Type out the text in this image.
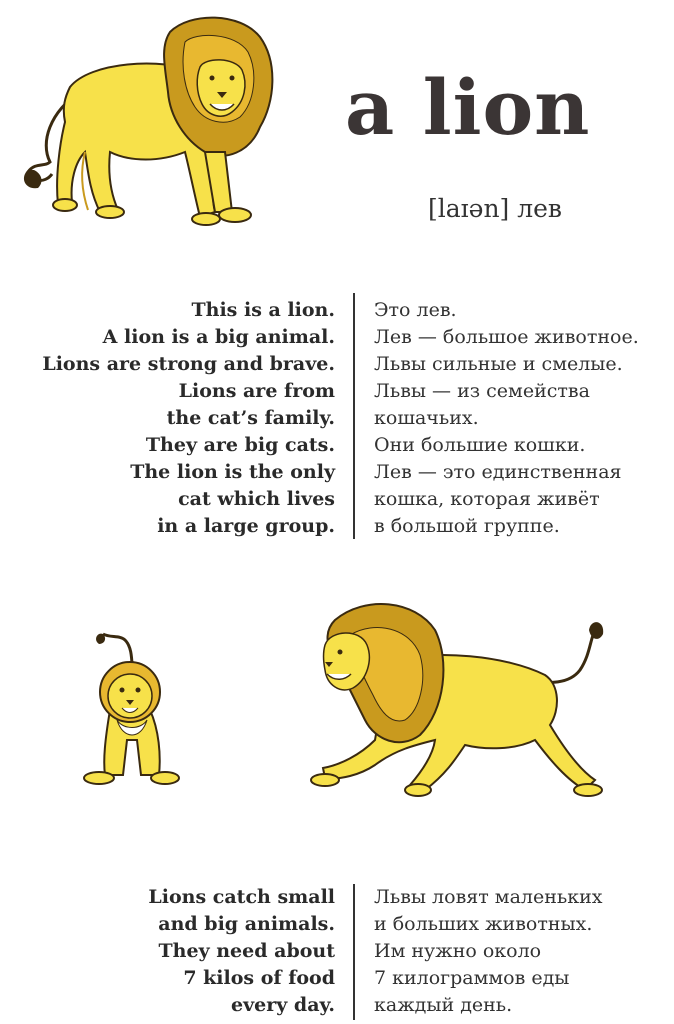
a lion
[laɪən] лев
This is a lion.
A lion is a big animal.
Lions are strong and brave.
Lions are from
the cat’s family.
They are big cats.
The lion is the only
cat which lives
in a large group.
Это лев.
Лев — большое животное.
Львы сильные и смелые.
Львы — из семейства
кошачьих.
Они большие кошки.
Лев — это единственная
кошка, которая живёт
в большой группе.
Lions catch small
and big animals.
They need about
7 kilos of food
every day.
Львы ловят маленьких
и больших животных.
Им нужно около
7 килограммов еды
каждый день.
